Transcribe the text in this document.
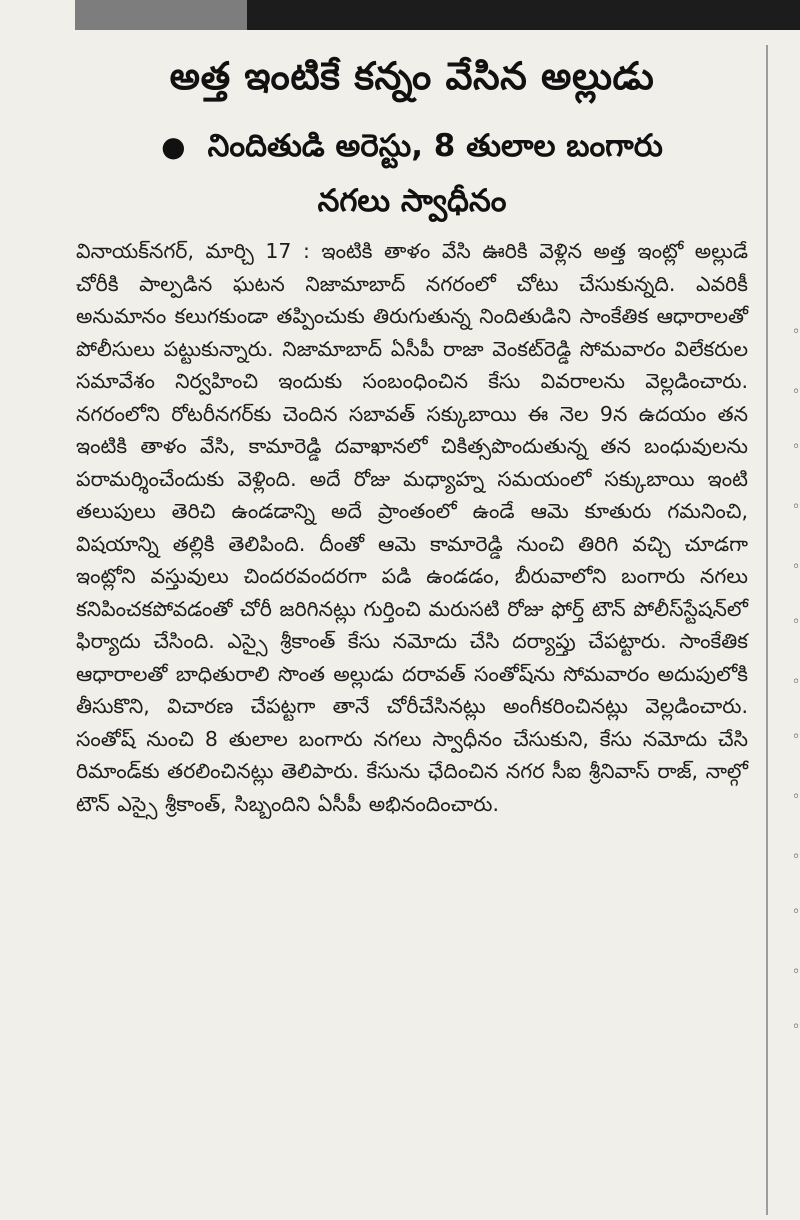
◦
◦
◦
◦
◦
◦
◦
◦
◦
◦
◦
◦
◦
అత్త ఇంటికే కన్నం వేసిన అల్లుడు
● నిందితుడి అరెస్టు, 8 తులాల బంగారు
నగలు స్వాధీనం
వినాయక్‌నగర్, మార్చి 17 : ఇంటికి తాళం వేసి ఊరికి వెళ్లిన అత్త ఇంట్లో అల్లుడే చోరీకి పాల్పడిన ఘటన నిజామాబాద్ నగరంలో చోటు చేసుకున్నది. ఎవరికీ అనుమానం కలుగకుండా తప్పించుకు తిరుగుతున్న నిందితుడిని సాంకేతిక ఆధారాలతో పోలీసులు పట్టుకున్నారు. నిజామాబాద్ ఏసీపీ రాజా వెంకట్‌రెడ్డి సోమవారం విలేకరుల సమావేశం నిర్వహించి ఇందుకు సంబంధించిన కేసు వివరాలను వెల్లడించారు. నగరంలోని రోటరీనగర్‌కు చెందిన సబావత్ సక్కుబాయి ఈ నెల 9న ఉదయం తన ఇంటికి తాళం వేసి, కామారెడ్డి దవాఖానలో చికిత్సపొందుతున్న తన బంధువులను పరామర్శించేందుకు వెళ్లింది. అదే రోజు మధ్యాహ్న సమయంలో సక్కుబాయి ఇంటి తలుపులు తెరిచి ఉండడాన్ని అదే ప్రాంతంలో ఉండే ఆమె కూతురు గమనించి, విషయాన్ని తల్లికి తెలిపింది. దీంతో ఆమె కామారెడ్డి నుంచి తిరిగి వచ్చి చూడగా ఇంట్లోని వస్తువులు చిందరవందరగా పడి ఉండడం, బీరువాలోని బంగారు నగలు కనిపించకపోవడంతో చోరీ జరిగినట్లు గుర్తించి మరుసటి రోజు ఫోర్త్ టౌన్ పోలీస్‌స్టేషన్‌లో ఫిర్యాదు చేసింది. ఎస్సై శ్రీకాంత్ కేసు నమోదు చేసి దర్యాప్తు చేపట్టారు. సాంకేతిక ఆధారాలతో బాధితురాలి సొంత అల్లుడు దరావత్ సంతోష్‌ను సోమవారం అదుపులోకి తీసుకొని, విచారణ చేపట్టగా తానే చోరీచేసినట్లు అంగీకరించినట్లు వెల్లడించారు. సంతోష్ నుంచి 8 తులాల బంగారు నగలు స్వాధీనం చేసుకుని, కేసు నమోదు చేసి రిమాండ్‌కు తరలించినట్లు తెలిపారు. కేసును ఛేదించిన నగర సీఐ శ్రీనివాస్ రాజ్, నాల్గో టౌన్ ఎస్సై శ్రీకాంత్, సిబ్బందిని ఏసీపీ అభినందించారు.
